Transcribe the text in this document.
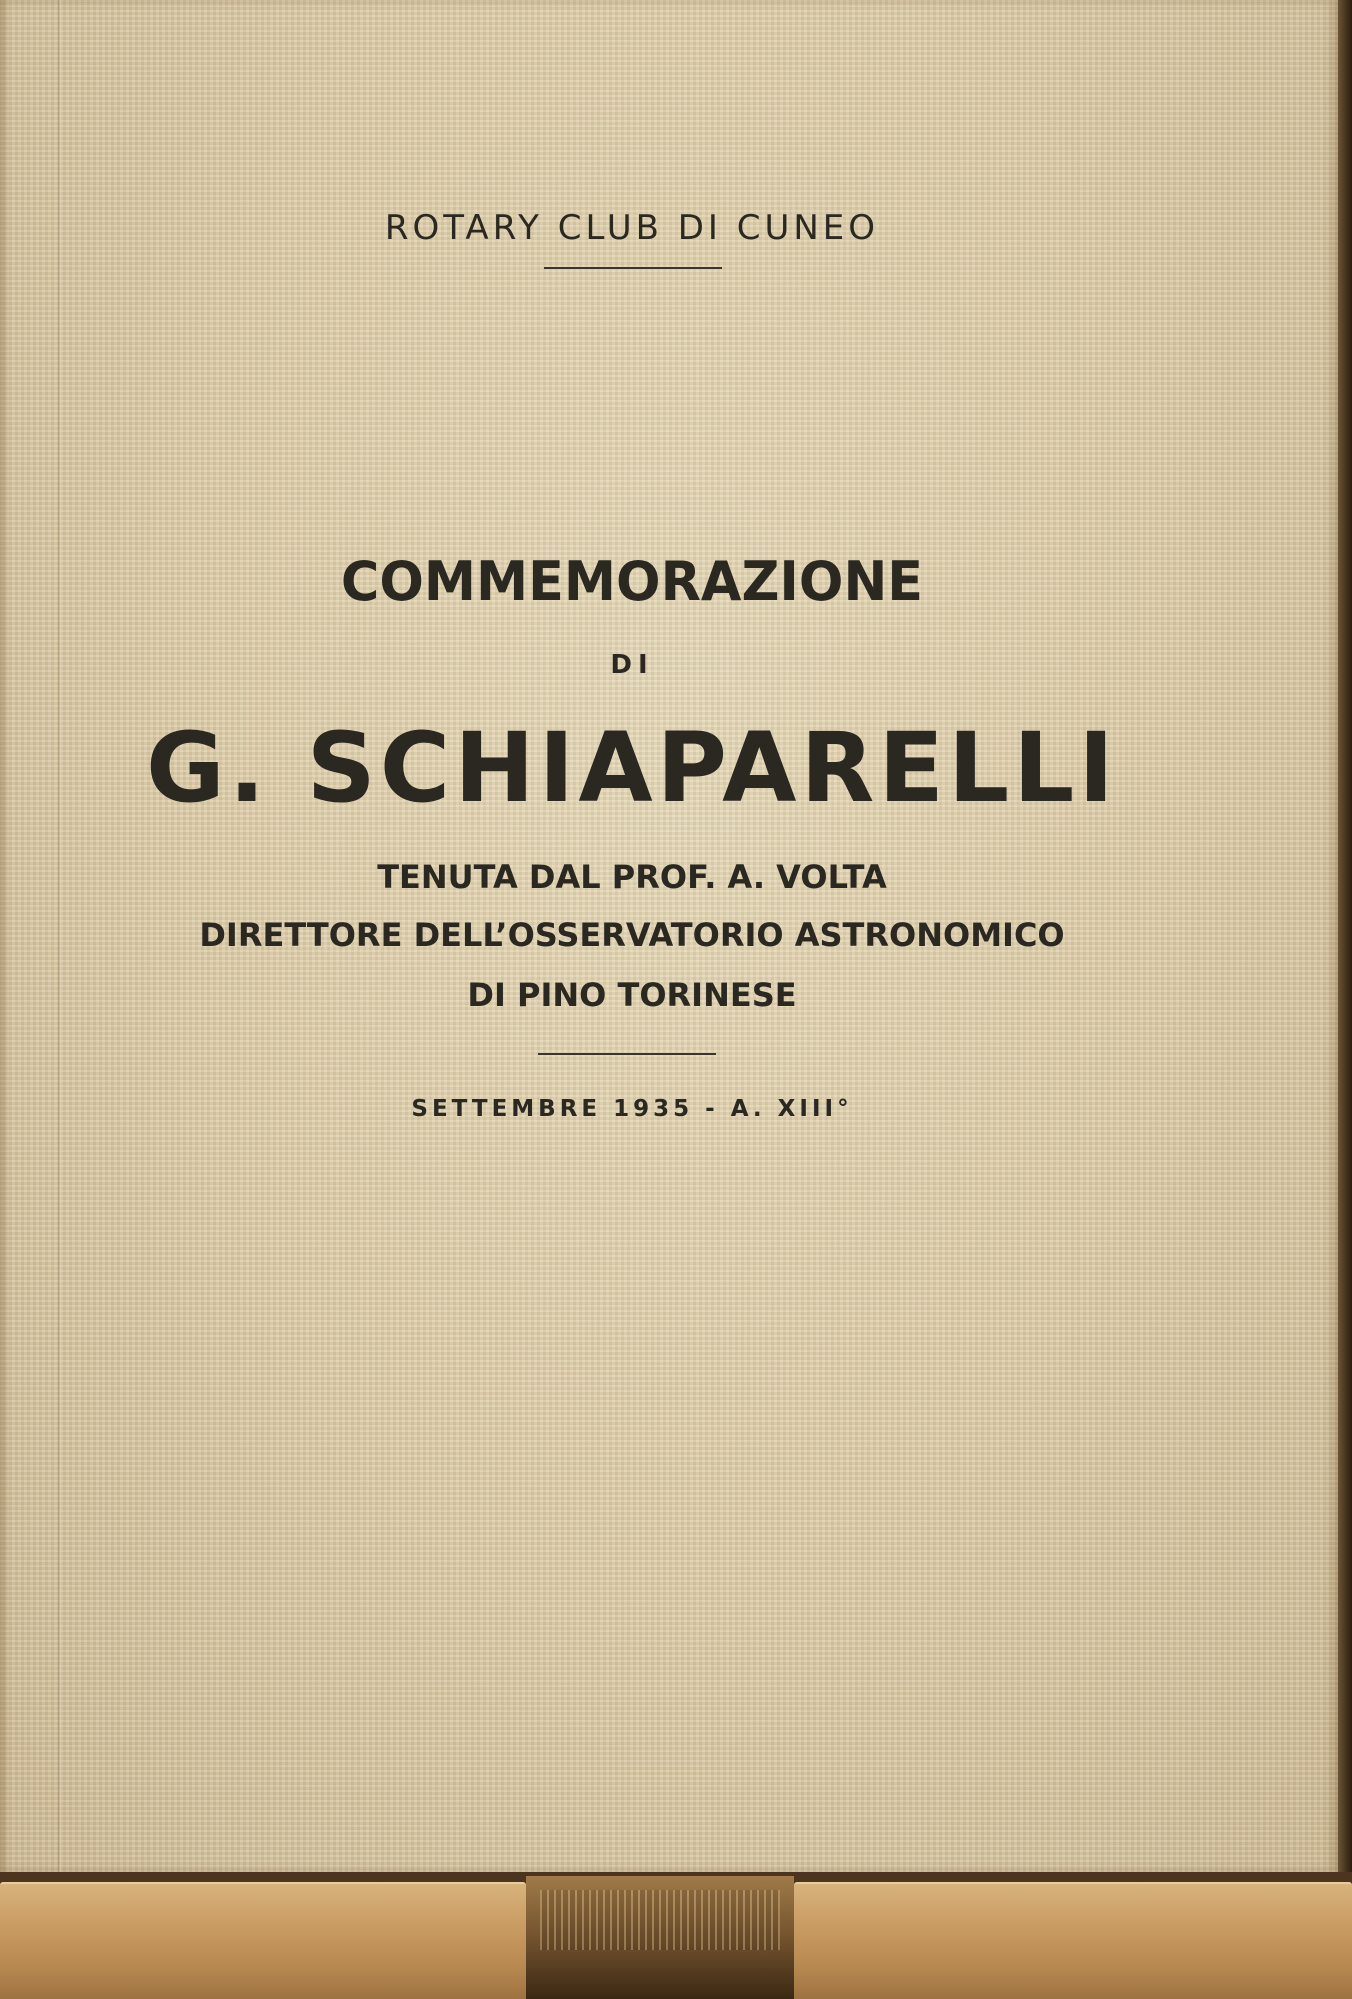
ROTARY CLUB DI CUNEO
COMMEMORAZIONE
DI
G. SCHIAPARELLI
TENUTA DAL PROF. A. VOLTA
DIRETTORE DELL’OSSERVATORIO ASTRONOMICO
DI PINO TORINESE
SETTEMBRE 1935 - A. XIII°
